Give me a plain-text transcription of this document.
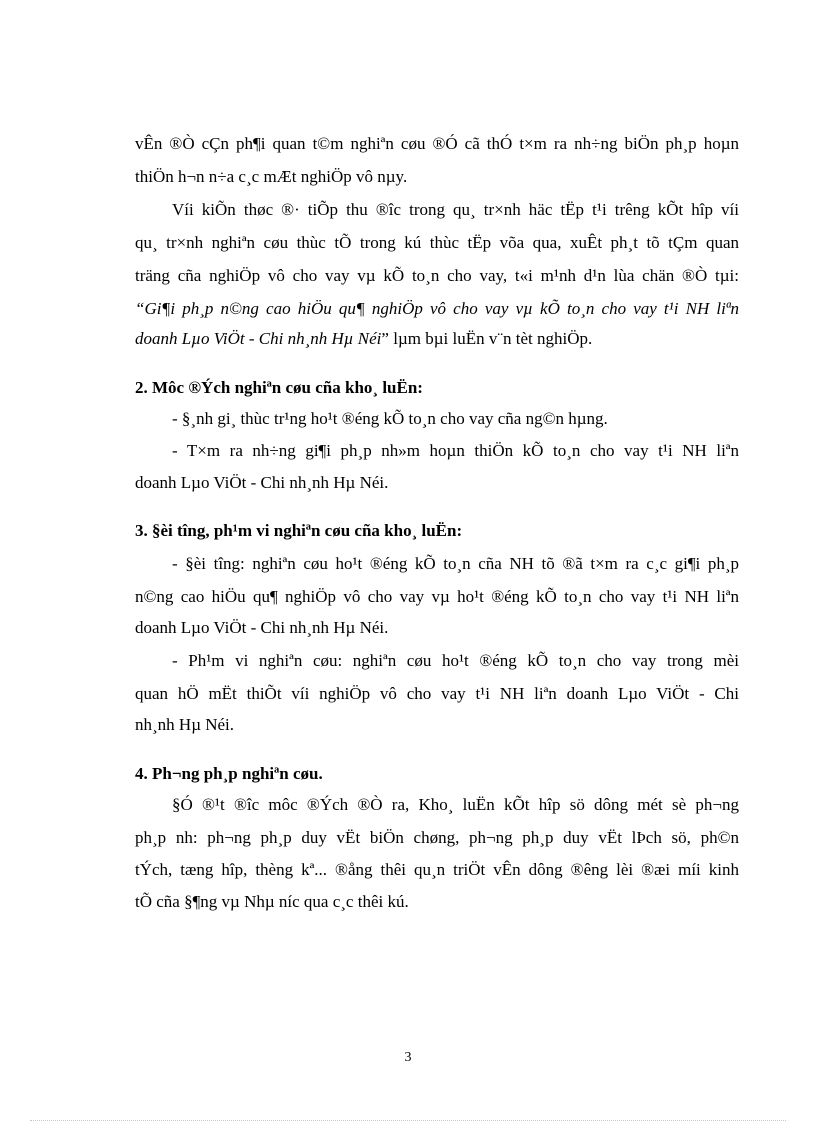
vÊn ®Ò cÇn ph¶i quan t©m nghiªn cøu ®Ó cã thÓ t×m ra nh÷ng biÖn ph¸p hoµn
thiÖn h¬n n÷a c¸c mÆt nghiÖp vô nµy.
Víi kiÕn thøc ®· tiÕp thu ®îc trong qu¸ tr×nh häc tËp t¹i trêng kÕt hîp víi
qu¸ tr×nh nghiªn cøu thùc tÕ trong kú thùc tËp võa qua, xuÊt ph¸t tõ tÇm quan
träng cña nghiÖp vô cho vay vµ kÕ to¸n cho vay, t«i m¹nh d¹n lùa chän ®Ò tµi:
“Gi¶i ph¸p n©ng cao hiÖu qu¶ nghiÖp vô cho vay vµ kÕ to¸n cho vay t¹i NH liªn
doanh Lµo ViÖt - Chi nh¸nh Hµ Néi” lµm bµi luËn v¨n tèt nghiÖp.
2. Môc ®Ých nghiªn cøu cña kho¸ luËn:
- §¸nh gi¸ thùc tr¹ng ho¹t ®éng kÕ to¸n cho vay cña ng©n hµng.
- T×m ra nh÷ng gi¶i ph¸p nh»m hoµn thiÖn kÕ to¸n cho vay t¹i NH liªn
doanh Lµo ViÖt - Chi nh¸nh Hµ Néi.
3. §èi tîng, ph¹m vi nghiªn cøu cña kho¸ luËn:
- §èi tîng: nghiªn cøu ho¹t ®éng kÕ to¸n cña NH tõ ®ã t×m ra c¸c gi¶i ph¸p
n©ng cao hiÖu qu¶ nghiÖp vô cho vay vµ ho¹t ®éng kÕ to¸n cho vay t¹i NH liªn
doanh Lµo ViÖt - Chi nh¸nh Hµ Néi.
- Ph¹m vi nghiªn cøu: nghiªn cøu ho¹t ®éng kÕ to¸n cho vay trong mèi
quan hÖ mËt thiÕt víi nghiÖp vô cho vay t¹i NH liªn doanh Lµo ViÖt - Chi
nh¸nh Hµ Néi.
4. Ph¬ng ph¸p nghiªn cøu.
§Ó ®¹t ®îc môc ®Ých ®Ò ra, Kho¸ luËn kÕt hîp sö dông mét sè ph¬ng
ph¸p nh: ph¬ng ph¸p duy vËt biÖn chøng, ph¬ng ph¸p duy vËt lÞch sö, ph©n
tÝch, tæng hîp, thèng kª... ®ång thêi qu¸n triÖt vÊn dông ®êng lèi ®æi míi kinh
tÕ cña §¶ng vµ Nhµ níc qua c¸c thêi kú.
3
